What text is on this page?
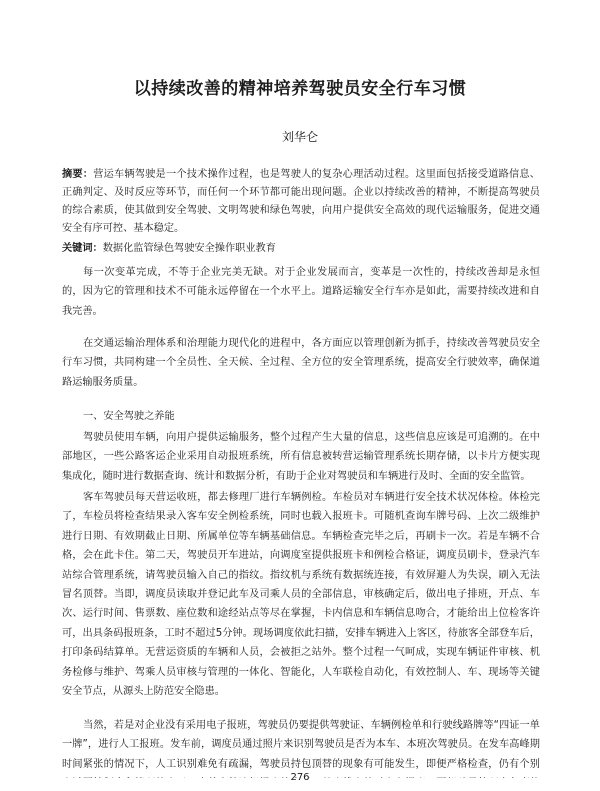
以持续改善的精神培养驾驶员安全行车习惯

刘华仑

摘要：营运车辆驾驶是一个技术操作过程，也是驾驶人的复杂心理活动过程。这里面包括接受道路信息、正确判定、及时反应等环节，而任何一个环节都可能出现问题。企业以持续改善的精神，不断提高驾驶员的综合素质，使其做到安全驾驶、文明驾驶和绿色驾驶，向用户提供安全高效的现代运输服务，促进交通安全有序可控、基本稳定。

关键词：数据化监管绿色驾驶安全操作职业教育

每一次变革完成，不等于企业完美无缺。对于企业发展而言，变革是一次性的，持续改善却是永恒的，因为它的管理和技术不可能永远停留在一个水平上。道路运输安全行车亦是如此，需要持续改进和自我完善。

在交通运输治理体系和治理能力现代化的进程中，各方面应以管理创新为抓手，持续改善驾驶员安全行车习惯，共同构建一个全员性、全天候、全过程、全方位的安全管理系统，提高安全行驶效率，确保道路运输服务质量。

一、安全驾驶之养能

驾驶员使用车辆，向用户提供运输服务，整个过程产生大量的信息，这些信息应该是可追溯的。在中部地区，一些公路客运企业采用自动报班系统，所有信息被转营运输管理系统长期存储，以卡片方便实现集成化，随时进行数据查询、统计和数据分析，有助于企业对驾驶员和车辆进行及时、全面的安全监管。

客车驾驶员每天营运收班，都去修理厂进行车辆例检。车检员对车辆进行安全技术状况体检。体检完了，车检员将检查结果录入客车安全例检系统，同时也载入报班卡。可随机查询车牌号码、上次二级维护进行日期、有效期截止日期、所属单位等车辆基础信息。车辆检查完毕之后，再刷卡一次。若是车辆不合格，会在此卡住。第二天，驾驶员开车进站，向调度室提供报班卡和例检合格证，调度员刷卡，登录汽车站综合管理系统，请驾驶员输入自己的指纹。指纹机与系统有数据统连接，有效屏避人为失误，刷入无法冒名顶替。当即，调度员读取并登记此车及司乘人员的全部信息，审核确定后，做出电子排班，开点、车次、运行时间、售票数、座位数和途经站点等尽在掌握，卡内信息和车辆信息吻合，才能给出上位检客许可，出具条码报班条，工时不超过5分钟。现场调度依此扫描，安排车辆进入上客区，待旅客全部登车后，打印条码结算单。无营运资质的车辆和人员，会被拒之站外。整个过程一气呵成，实现车辆证件审核、机务检修与维护、驾乘人员审核与管理的一体化、智能化，人车联检自动化，有效控制人、车、现场等关键安全节点，从源头上防范安全隐患。

当然，若是对企业没有采用电子报班，驾驶员仍要提供驾驶证、车辆例检单和行驶线路牌等“四证一单一牌”，进行人工报班。发车前，调度员通过照片来识别驾驶员是否为本车、本班次驾驶员。在发车高峰期时间紧张的情况下，人工识别难免有疏漏，驾驶员持包顶替的现象有可能发生，即便严格检查，仍有个别

276
